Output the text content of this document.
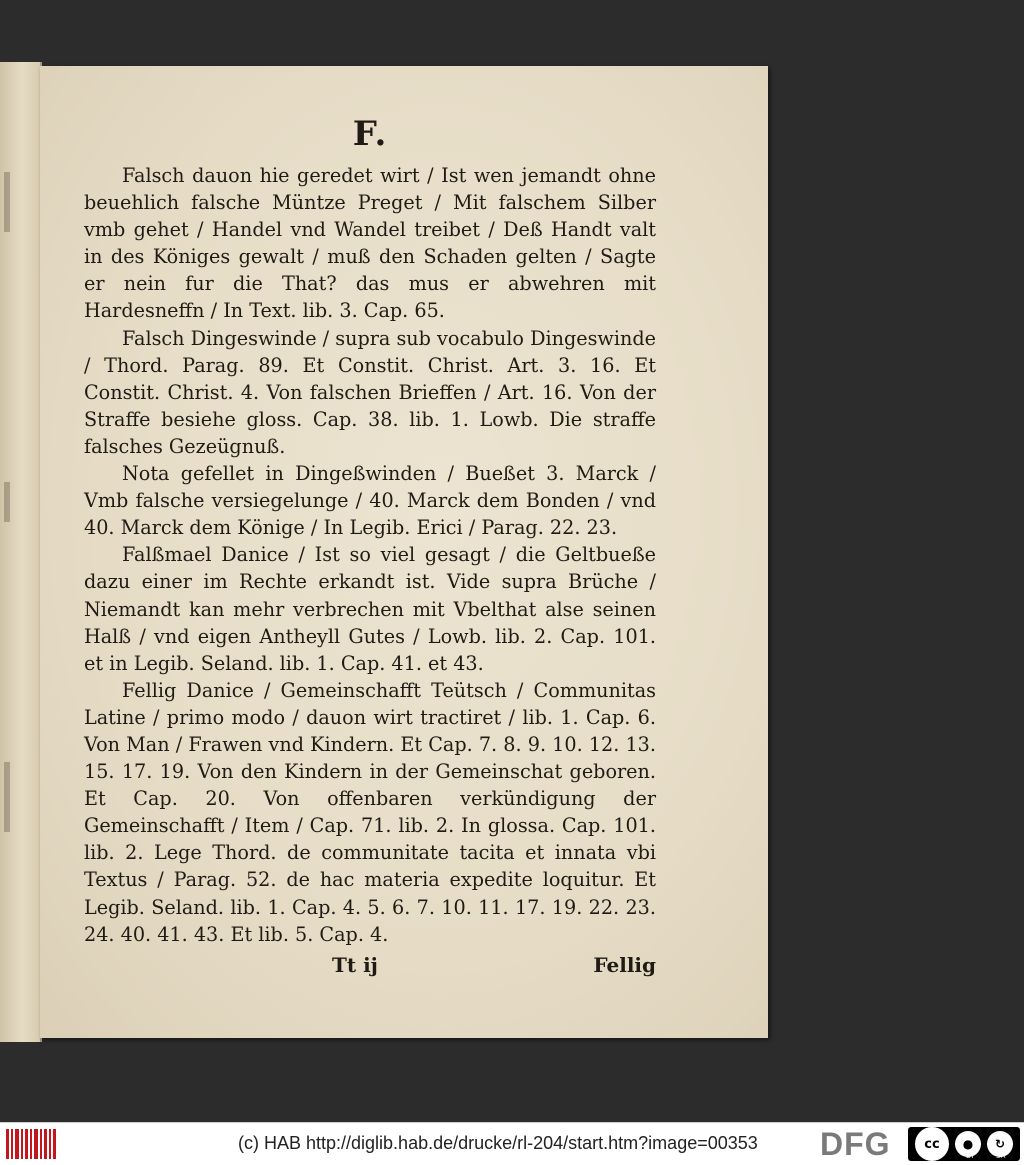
F.

Falsch dauon hie geredet wirt / Ist wen jemandt ohne beuehlich falsche Müntze Preget / Mit falschem Silber vmb gehet / Handel vnd Wandel treibet / Deß Handt valt in des Königes gewalt / muß den Schaden gelten / Sagte er nein fur die That? das mus er abwehren mit Hardesneffn / In Text. lib. 3. Cap. 65.

Falsch Dingeswinde / supra sub vocabulo Dingeswinde / Thord. Parag. 89. Et Constit. Christ. Art. 3. 16. Et Constit. Christ. 4. Von falschen Brieffen / Art. 16. Von der Straffe besiehe gloss. Cap. 38. lib. 1. Lowb. Die straffe falsches Gezeügnuß.

Nota gefellet in Dingeßwinden / Bueßet 3. Marck / Vmb falsche versiegelunge / 40. Marck dem Bonden / vnd 40. Marck dem Könige / In Legib. Erici / Parag. 22. 23.

Falßmael Danice / Ist so viel gesagt / die Geltbueße dazu einer im Rechte erkandt ist. Vide supra Brüche / Niemandt kan mehr verbrechen mit Vbelthat alse seinen Halß / vnd eigen Antheyll Gutes / Lowb. lib. 2. Cap. 101. et in Legib. Seland. lib. 1. Cap. 41. et 43.

Fellig Danice / Gemeinschafft Teütsch / Communitas Latine / primo modo / dauon wirt tractiret / lib. 1. Cap. 6. Von Man / Frawen vnd Kindern. Et Cap. 7. 8. 9. 10. 12. 13. 15. 17. 19. Von den Kindern in der Gemeinschat geboren. Et Cap. 20. Von offenbaren verkündigung der Gemeinschafft / Item / Cap. 71. lib. 2. In glossa. Cap. 101. lib. 2. Lege Thord. de communitate tacita et innata vbi Textus / Parag. 52. de hac materia expedite loquitur. Et Legib. Seland. lib. 1. Cap. 4. 5. 6. 7. 10. 11. 17. 19. 22. 23. 24. 40. 41. 43. Et lib. 5. Cap. 4.

Tt ij	Fellig
(c) HAB http://diglib.hab.de/drucke/rl-204/start.htm?image=00353 DFG	cc	●	↻
BY	SA
